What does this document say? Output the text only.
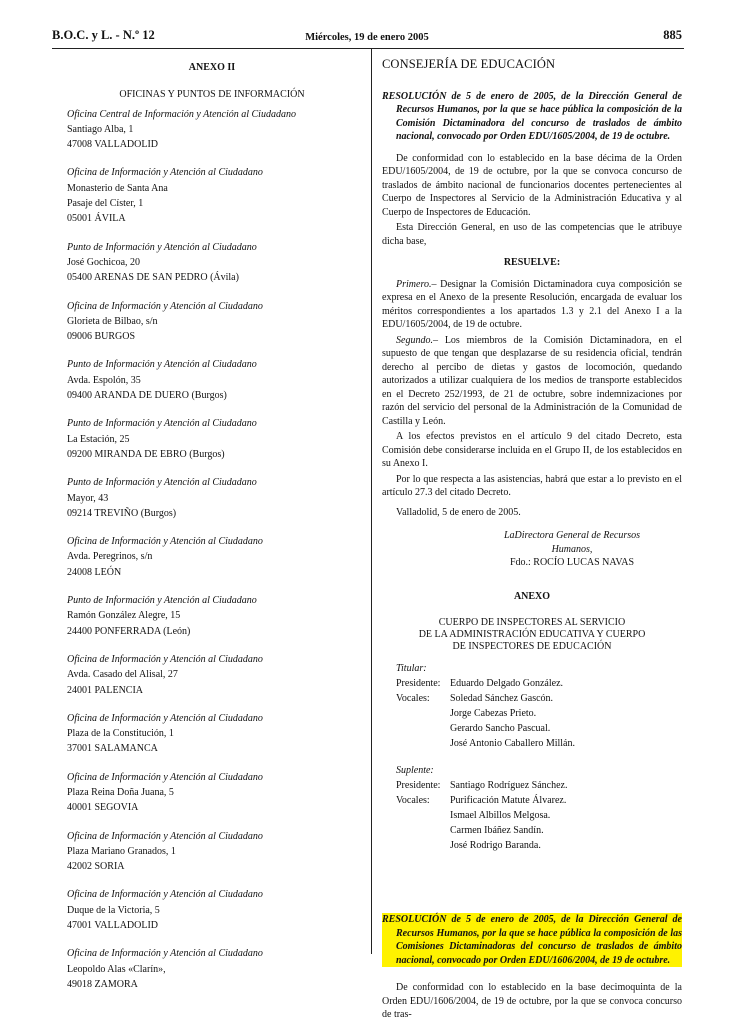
B.O.C. y L. - N.º 12	Miércoles, 19 de enero 2005	885
ANEXO II
OFICINAS Y PUNTOS DE INFORMACIÓN
Oficina Central de Información y Atención al Ciudadano
Santiago Alba, 1
47008 VALLADOLID
Oficina de Información y Atención al Ciudadano
Monasterio de Santa Ana
Pasaje del Císter, 1
05001 ÁVILA
Punto de Información y Atención al Ciudadano
José Gochicoa, 20
05400 ARENAS DE SAN PEDRO (Ávila)
Oficina de Información y Atención al Ciudadano
Glorieta de Bilbao, s/n
09006 BURGOS
Punto de Información y Atención al Ciudadano
Avda. Espolón, 35
09400 ARANDA DE DUERO (Burgos)
Punto de Información y Atención al Ciudadano
La Estación, 25
09200 MIRANDA DE EBRO (Burgos)
Punto de Información y Atención al Ciudadano
Mayor, 43
09214 TREVIÑO (Burgos)
Oficina de Información y Atención al Ciudadano
Avda. Peregrinos, s/n
24008 LEÓN
Punto de Información y Atención al Ciudadano
Ramón González Alegre, 15
24400 PONFERRADA (León)
Oficina de Información y Atención al Ciudadano
Avda. Casado del Alisal, 27
24001 PALENCIA
Oficina de Información y Atención al Ciudadano
Plaza de la Constitución, 1
37001 SALAMANCA
Oficina de Información y Atención al Ciudadano
Plaza Reina Doña Juana, 5
40001 SEGOVIA
Oficina de Información y Atención al Ciudadano
Plaza Mariano Granados, 1
42002 SORIA
Oficina de Información y Atención al Ciudadano
Duque de la Victoria, 5
47001 VALLADOLID
Oficina de Información y Atención al Ciudadano
Leopoldo Alas «Clarín»,
49018 ZAMORA
CONSEJERÍA DE EDUCACIÓN
RESOLUCIÓN de 5 de enero de 2005, de la Dirección General de Recursos Humanos, por la que se hace pública la composición de la Comisión Dictaminadora del concurso de traslados de ámbito nacional, convocado por Orden EDU/1605/2004, de 19 de octubre.

De conformidad con lo establecido en la base décima de la Orden EDU/1605/2004, de 19 de octubre, por la que se convoca concurso de traslados de ámbito nacional de funcionarios docentes pertenecientes al Cuerpo de Inspectores al Servicio de la Administración Educativa y al Cuerpo de Inspectores de Educación.

Esta Dirección General, en uso de las competencias que le atribuye dicha base,

RESUELVE:

Primero.– Designar la Comisión Dictaminadora cuya composición se expresa en el Anexo de la presente Resolución, encargada de evaluar los méritos correspondientes a los apartados 1.3 y 2.1 del Anexo I a la EDU/1605/2004, de 19 de octubre.

Segundo.– Los miembros de la Comisión Dictaminadora, en el supuesto de que tengan que desplazarse de su residencia oficial, tendrán derecho al percibo de dietas y gastos de locomoción, quedando autorizados a utilizar cualquiera de los medios de transporte establecidos en el Decreto 252/1993, de 21 de octubre, sobre indemnizaciones por razón del servicio del personal de la Administración de la Comunidad de Castilla y León.

A los efectos previstos en el artículo 9 del citado Decreto, esta Comisión debe considerarse incluida en el Grupo II, de los establecidos en su Anexo I.

Por lo que respecta a las asistencias, habrá que estar a lo previsto en el artículo 27.3 del citado Decreto.

Valladolid, 5 de enero de 2005.

LaDirectora General de Recursos
Humanos,
Fdo.: ROCÍO LUCAS NAVAS
ANEXO
CUERPO DE INSPECTORES AL SERVICIO
DE LA ADMINISTRACIÓN EDUCATIVA Y CUERPO
DE INSPECTORES DE EDUCACIÓN
Titular:
Presidente: Eduardo Delgado González.
Vocales:	Soledad Sánchez Gascón.
Jorge Cabezas Prieto.
Gerardo Sancho Pascual.
José Antonio Caballero Millán.
Suplente:
Presidente: Santiago Rodríguez Sánchez.
Vocales:	Purificación Matute Álvarez.
Ismael Albillos Melgosa.
Carmen Ibáñez Sandín.
José Rodrigo Baranda.
RESOLUCIÓN de 5 de enero de 2005, de la Dirección General de Recursos Humanos, por la que se hace pública la composición de las Comisiones Dictaminadoras del concurso de traslados de ámbito nacional, convocado por Orden EDU/1606/2004, de 19 de octubre.

De conformidad con lo establecido en la base decimoquinta de la Orden EDU/1606/2004, de 19 de octubre, por la que se convoca concurso de tras-
